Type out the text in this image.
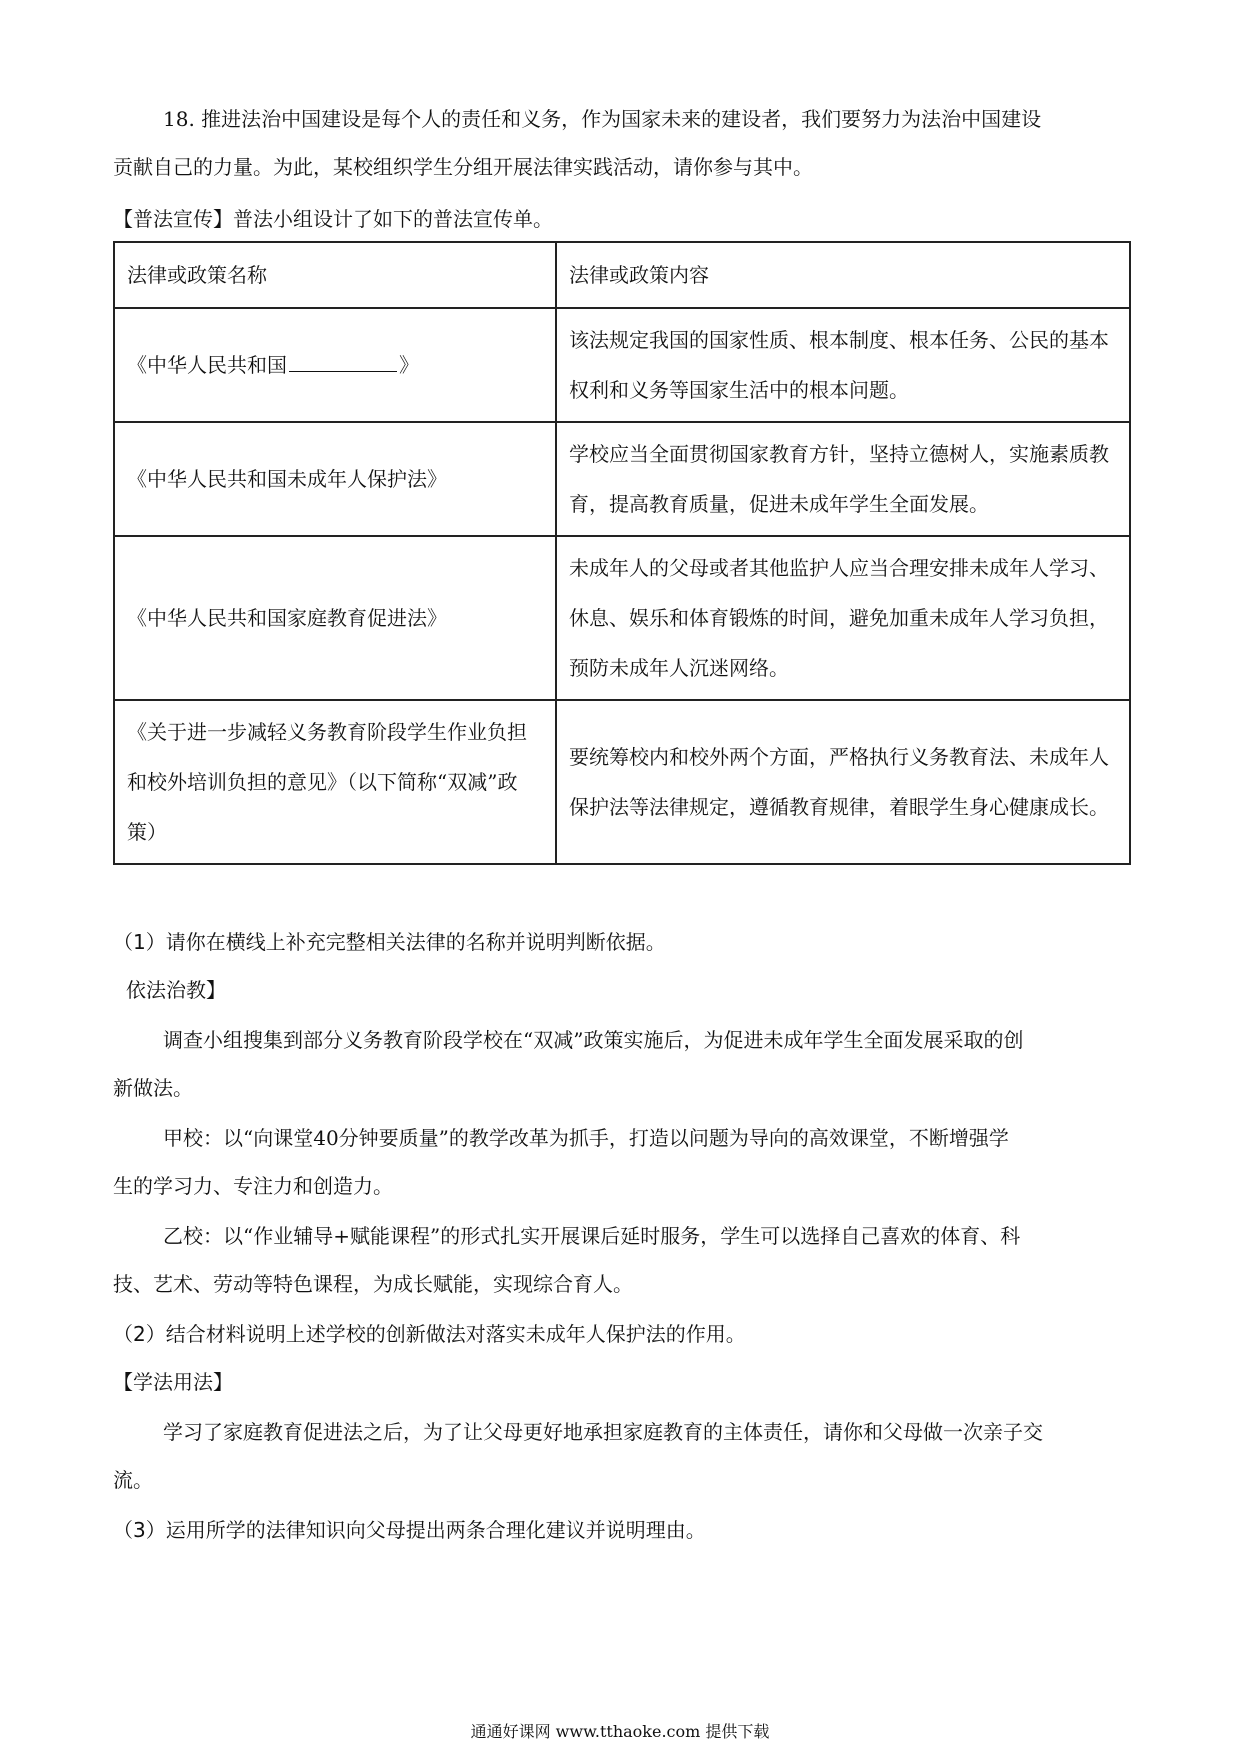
18. 推进法治中国建设是每个人的责任和义务，作为国家未来的建设者，我们要努力为法治中国建设
贡献自己的力量。为此，某校组织学生分组开展法律实践活动，请你参与其中。
【普法宣传】普法小组设计了如下的普法宣传单。
法律或政策名称	法律或政策内容
《中华人民共和国 》	该法规定我国的国家性质、根本制度、根本任务、公民的基本权利和义务等国家生活中的根本问题。
《中华人民共和国未成年人保护法》	学校应当全面贯彻国家教育方针，坚持立德树人，实施素质教育，提高教育质量，促进未成年学生全面发展。
《中华人民共和国家庭教育促进法》	未成年人的父母或者其他监护人应当合理安排未成年人学习、休息、娱乐和体育锻炼的时间，避免加重未成年人学习负担，预防未成年人沉迷网络。
《关于进一步减轻义务教育阶段学生作业负担和校外培训负担的意见》（以下简称“双减”政策）	要统筹校内和校外两个方面，严格执行义务教育法、未成年人保护法等法律规定，遵循教育规律，着眼学生身心健康成长。
（1）请你在横线上补充完整相关法律的名称并说明判断依据。
依法治教】
调查小组搜集到部分义务教育阶段学校在“双减”政策实施后，为促进未成年学生全面发展采取的创
新做法。
甲校：以“向课堂40分钟要质量”的教学改革为抓手，打造以问题为导向的高效课堂，不断增强学
生的学习力、专注力和创造力。
乙校：以“作业辅导+赋能课程”的形式扎实开展课后延时服务，学生可以选择自己喜欢的体育、科
技、艺术、劳动等特色课程，为成长赋能，实现综合育人。
（2）结合材料说明上述学校的创新做法对落实未成年人保护法的作用。
【学法用法】
学习了家庭教育促进法之后，为了让父母更好地承担家庭教育的主体责任，请你和父母做一次亲子交
流。
（3）运用所学的法律知识向父母提出两条合理化建议并说明理由。
通通好课网 www.tthaoke.com 提供下载
